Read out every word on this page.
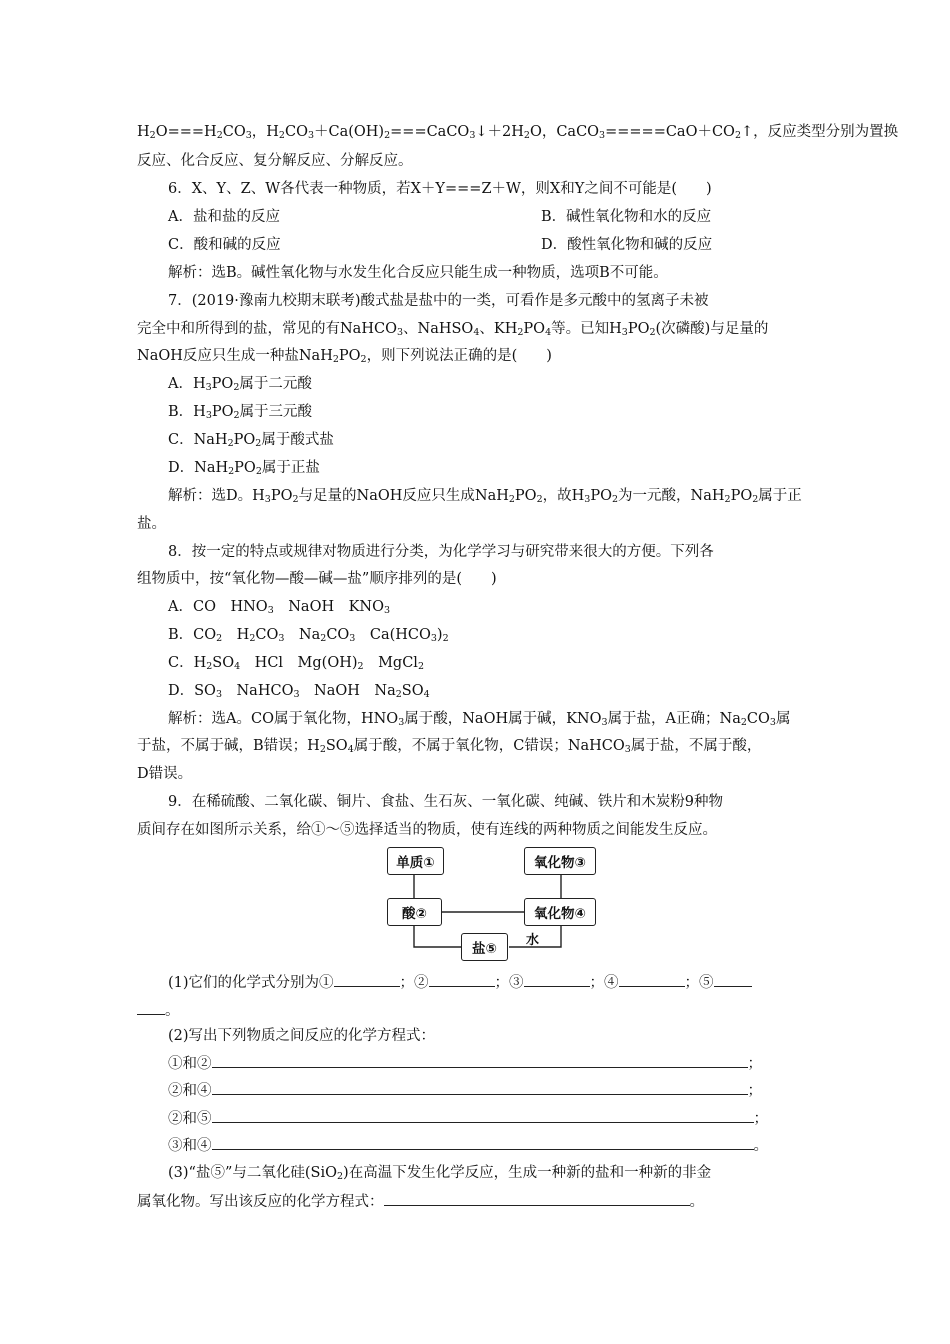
$H_2O===H_2CO_3$，$H_2CO_3+Ca(OH)_2===CaCO_3↓+2H_2O$，$CaCO_3=====CaO+CO_2↑$，反应类型分别为置换
反应、化合反应、复分解反应、分解反应。
6．X、Y、Z、W各代表一种物质，若X＋Y===Z＋W，则X和Y之间不可能是(　　)
A．盐和盐的反应	B．碱性氧化物和水的反应
C．酸和碱的反应	D．酸性氧化物和碱的反应
解析：选B。碱性氧化物与水发生化合反应只能生成一种物质，选项B不可能。
7．(2019·豫南九校期末联考)酸式盐是盐中的一类，可看作是多元酸中的氢离子未被
完全中和所得到的盐，常见的有NaHCO$_3$、NaHSO$_4$、$KH_2PO_4$等。已知$H_3PO_2$(次磷酸)与足量的
NaOH反应只生成一种盐$NaH_2PO_2$，则下列说法正确的是(　　)
A．$H_3PO_2$属于二元酸
B．$H_3PO_2$属于三元酸
C．$NaH_2PO_2$属于酸式盐
D．$NaH_2PO_2$属于正盐
解析：选D。$H_3PO_2$与足量的NaOH反应只生成$NaH_2PO_2$，故$H_3PO_2$为一元酸，$NaH_2PO_2$属于正
盐。
8．按一定的特点或规律对物质进行分类，为化学学习与研究带来很大的方便。下列各
组物质中，按“氧化物—酸—碱—盐”顺序排列的是(　　)
A．CO　$HNO_3$　NaOH　$KNO_3$
B．$CO_2$　$H_2CO_3$　$Na_2CO_3$　$Ca(HCO_3)_2$
C．$H_2SO_4$　HCl　$Mg(OH)_2$　MgCl$_2$
D．$SO_3$　NaHCO$_3$　NaOH　$Na_2SO_4$
解析：选A。CO属于氧化物，$HNO_3$属于酸，NaOH属于碱，$KNO_3$属于盐，A正确；$Na_2CO_3$属
于盐，不属于碱，B错误；$H_2SO_4$属于酸，不属于氧化物，C错误；NaHCO$_3$属于盐，不属于酸，
D错误。
9．在稀硫酸、二氧化碳、铜片、食盐、生石灰、一氧化碳、纯碱、铁片和木炭粉9种物
质间存在如图所示关系，给①～⑤选择适当的物质，使有连线的两种物质之间能发生反应。
单质①	氧化物③
酸②	氧化物④
盐⑤
水
(1)它们的化学式分别为①	；②	；③	；④	；⑤
。
(2)写出下列物质之间反应的化学方程式：
①和②	；
②和④	；
②和⑤	；
③和④	。
(3)“盐⑤”与二氧化硅(SiO$_2$)在高温下发生化学反应，生成一种新的盐和一种新的非金
属氧化物。写出该反应的化学方程式：	。
